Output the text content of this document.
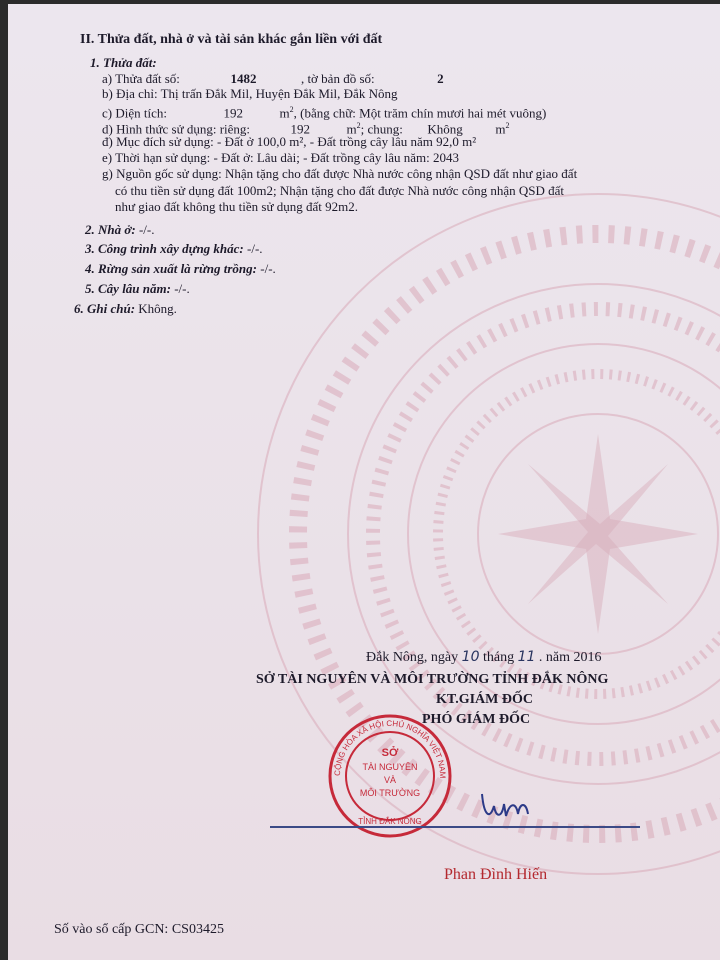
II. Thửa đất, nhà ở và tài sản khác gắn liền với đất
1. Thửa đất:
a) Thửa đất số:	1482	, tờ bản đồ số:	2
b) Địa chỉ: Thị trấn Đắk Mil, Huyện Đắk Mil, Đắk Nông
c) Diện tích:	192	$m^2$, (bằng chữ: Một trăm chín mươi hai mét vuông)
d) Hình thức sử dụng: riêng:	192	$m^2$; chung: Không	$m^2$
đ) Mục đích sử dụng: - Đất ở 100,0 m², - Đất trồng cây lâu năm 92,0 m²
e) Thời hạn sử dụng: - Đất ở: Lâu dài; - Đất trồng cây lâu năm: 2043
g) Nguồn gốc sử dụng: Nhận tặng cho đất được Nhà nước công nhận QSD đất như giao đất
có thu tiền sử dụng đất 100m2; Nhận tặng cho đất được Nhà nước công nhận QSD đất
như giao đất không thu tiền sử dụng đất 92m2.
2. Nhà ở: -/-.
3. Công trình xây dựng khác: -/-.
4. Rừng sản xuất là rừng trồng: -/-.
5. Cây lâu năm: -/-.
6. Ghi chú: Không.
Đắk Nông, ngày 10 tháng 11 . năm 2016
SỞ TÀI NGUYÊN VÀ MÔI TRƯỜNG TỈNH ĐẮK NÔNG
KT.GIÁM ĐỐC
PHÓ GIÁM ĐỐC
CỘNG HÒA XÃ HỘI CHỦ NGHĨA VIỆT NAM
SỞ
TÀI NGUYÊN
VÀ
MÔI TRƯỜNG
TỈNH ĐẮK NÔNG
Phan Đình Hiến
Số vào sổ cấp GCN: CS03425
